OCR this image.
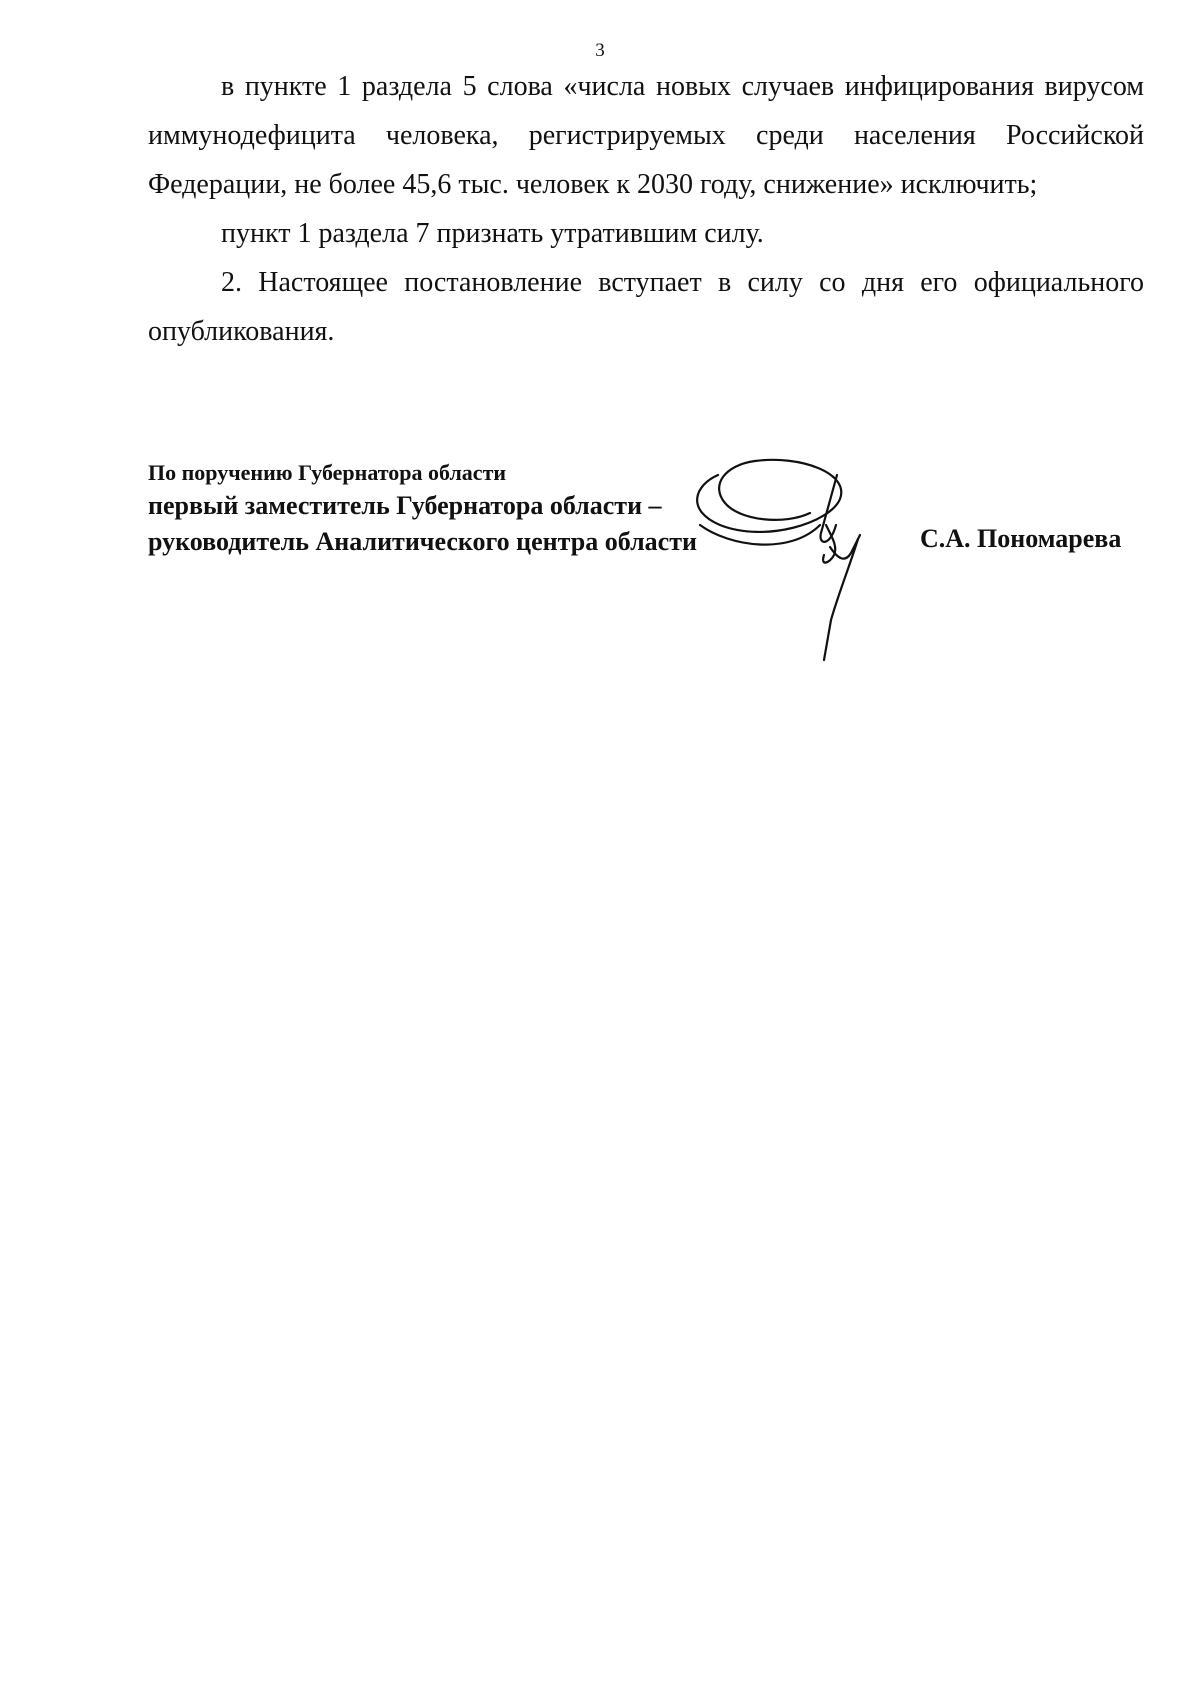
3

в пункте 1 раздела 5 слова «числа новых случаев инфицирования вирусом иммунодефицита человека, регистрируемых среди населения Российской Федерации, не более 45,6 тыс. человек к 2030 году, снижение» исключить;

пункт 1 раздела 7 признать утратившим силу.

2. Настоящее постановление вступает в силу со дня его официального опубликования.

По поручению Губернатора области
первый заместитель Губернатора области –
руководитель Аналитического центра области	С.А. Пономарева
